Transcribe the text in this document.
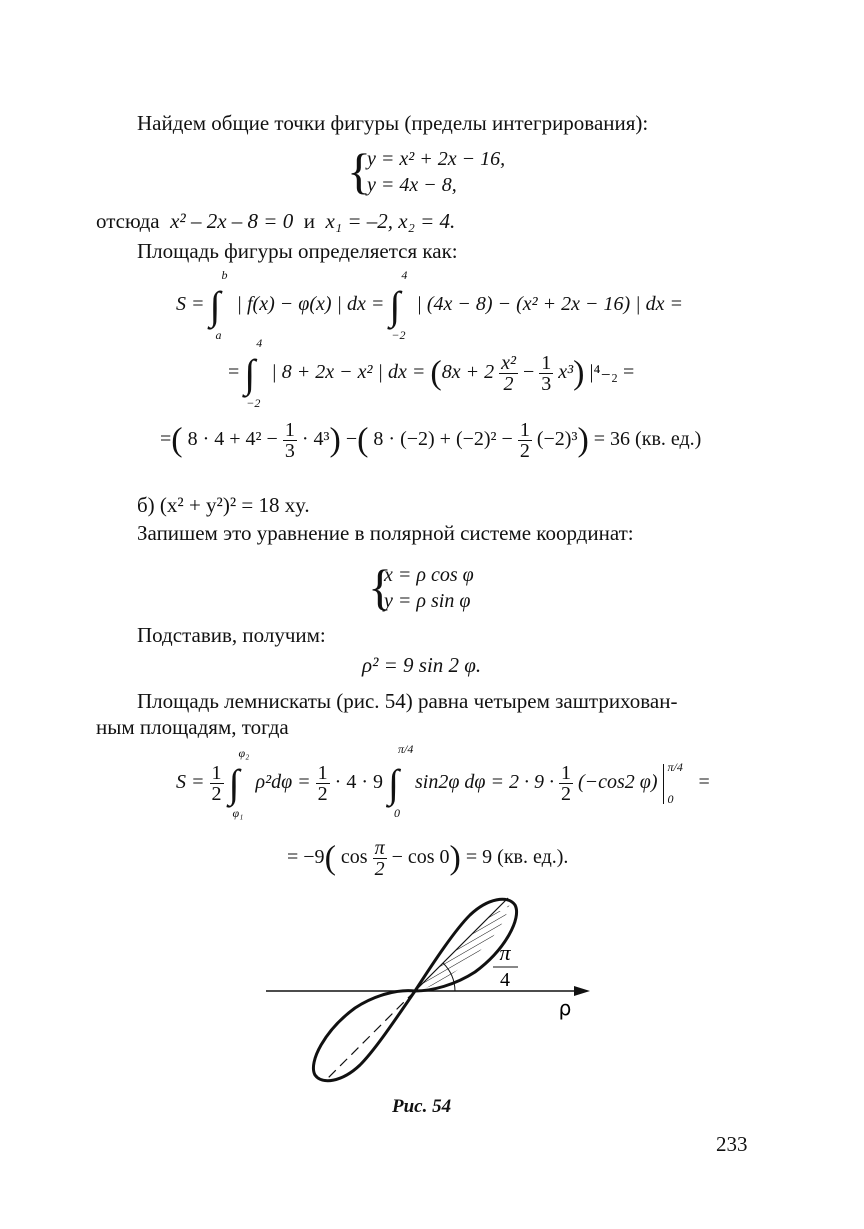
Найдем общие точки фигуры (пределы интегрирования):
{
y = x² + 2x − 16,
y = 4x − 8,
отсюда x² – 2x – 8 = 0 и x₁ = –2, x₂ = 4.
Площадь фигуры определяется как:
S = ∫
b
a
| f(x) − φ(x) | dx = ∫
4
−2
| (4x − 8) − (x² + 2x − 16) | dx =
= ∫
4
−2
| 8 + 2x − x² | dx = $(8x + 2 \frac{\text{x²}}{2} - \frac{1}{3} x^3)$ |⁴₋₂ =
=( $8 \cdot 4 + 4^2 - \frac{1}{3} \cdot 4^3$) −( $8 \cdot (-2) + (-2)^2 - \frac{1}{2} (-2)^3) = 36$ (кв. ед.)
б) (x² + y²)² = 18 xy.
Запишем это уравнение в полярной системе координат:
{
x = ρ cos φ
y = ρ sin φ
Подставив, получим:
ρ² = 9 sin 2 φ.
Площадь лемнискаты (рис. 54) равна четырем заштрихован-
ным площадям, тогда
$S = \frac{1}{2}$ ∫
φ₂
φ₁
$\rho^2d\varphi = \frac{1}{2} \cdot 4 \cdot 9$ ∫
π/4
0
sin2φ $d\varphi = 2 \cdot 9 \cdot \frac{1}{2} (-\cos 2$ φ)
π/4
0
=
= −9( $\cos \frac{\pi}{2} - \cos 0) = 9$ (кв. ед.).
π
4
ρ
Рис. 54
233
